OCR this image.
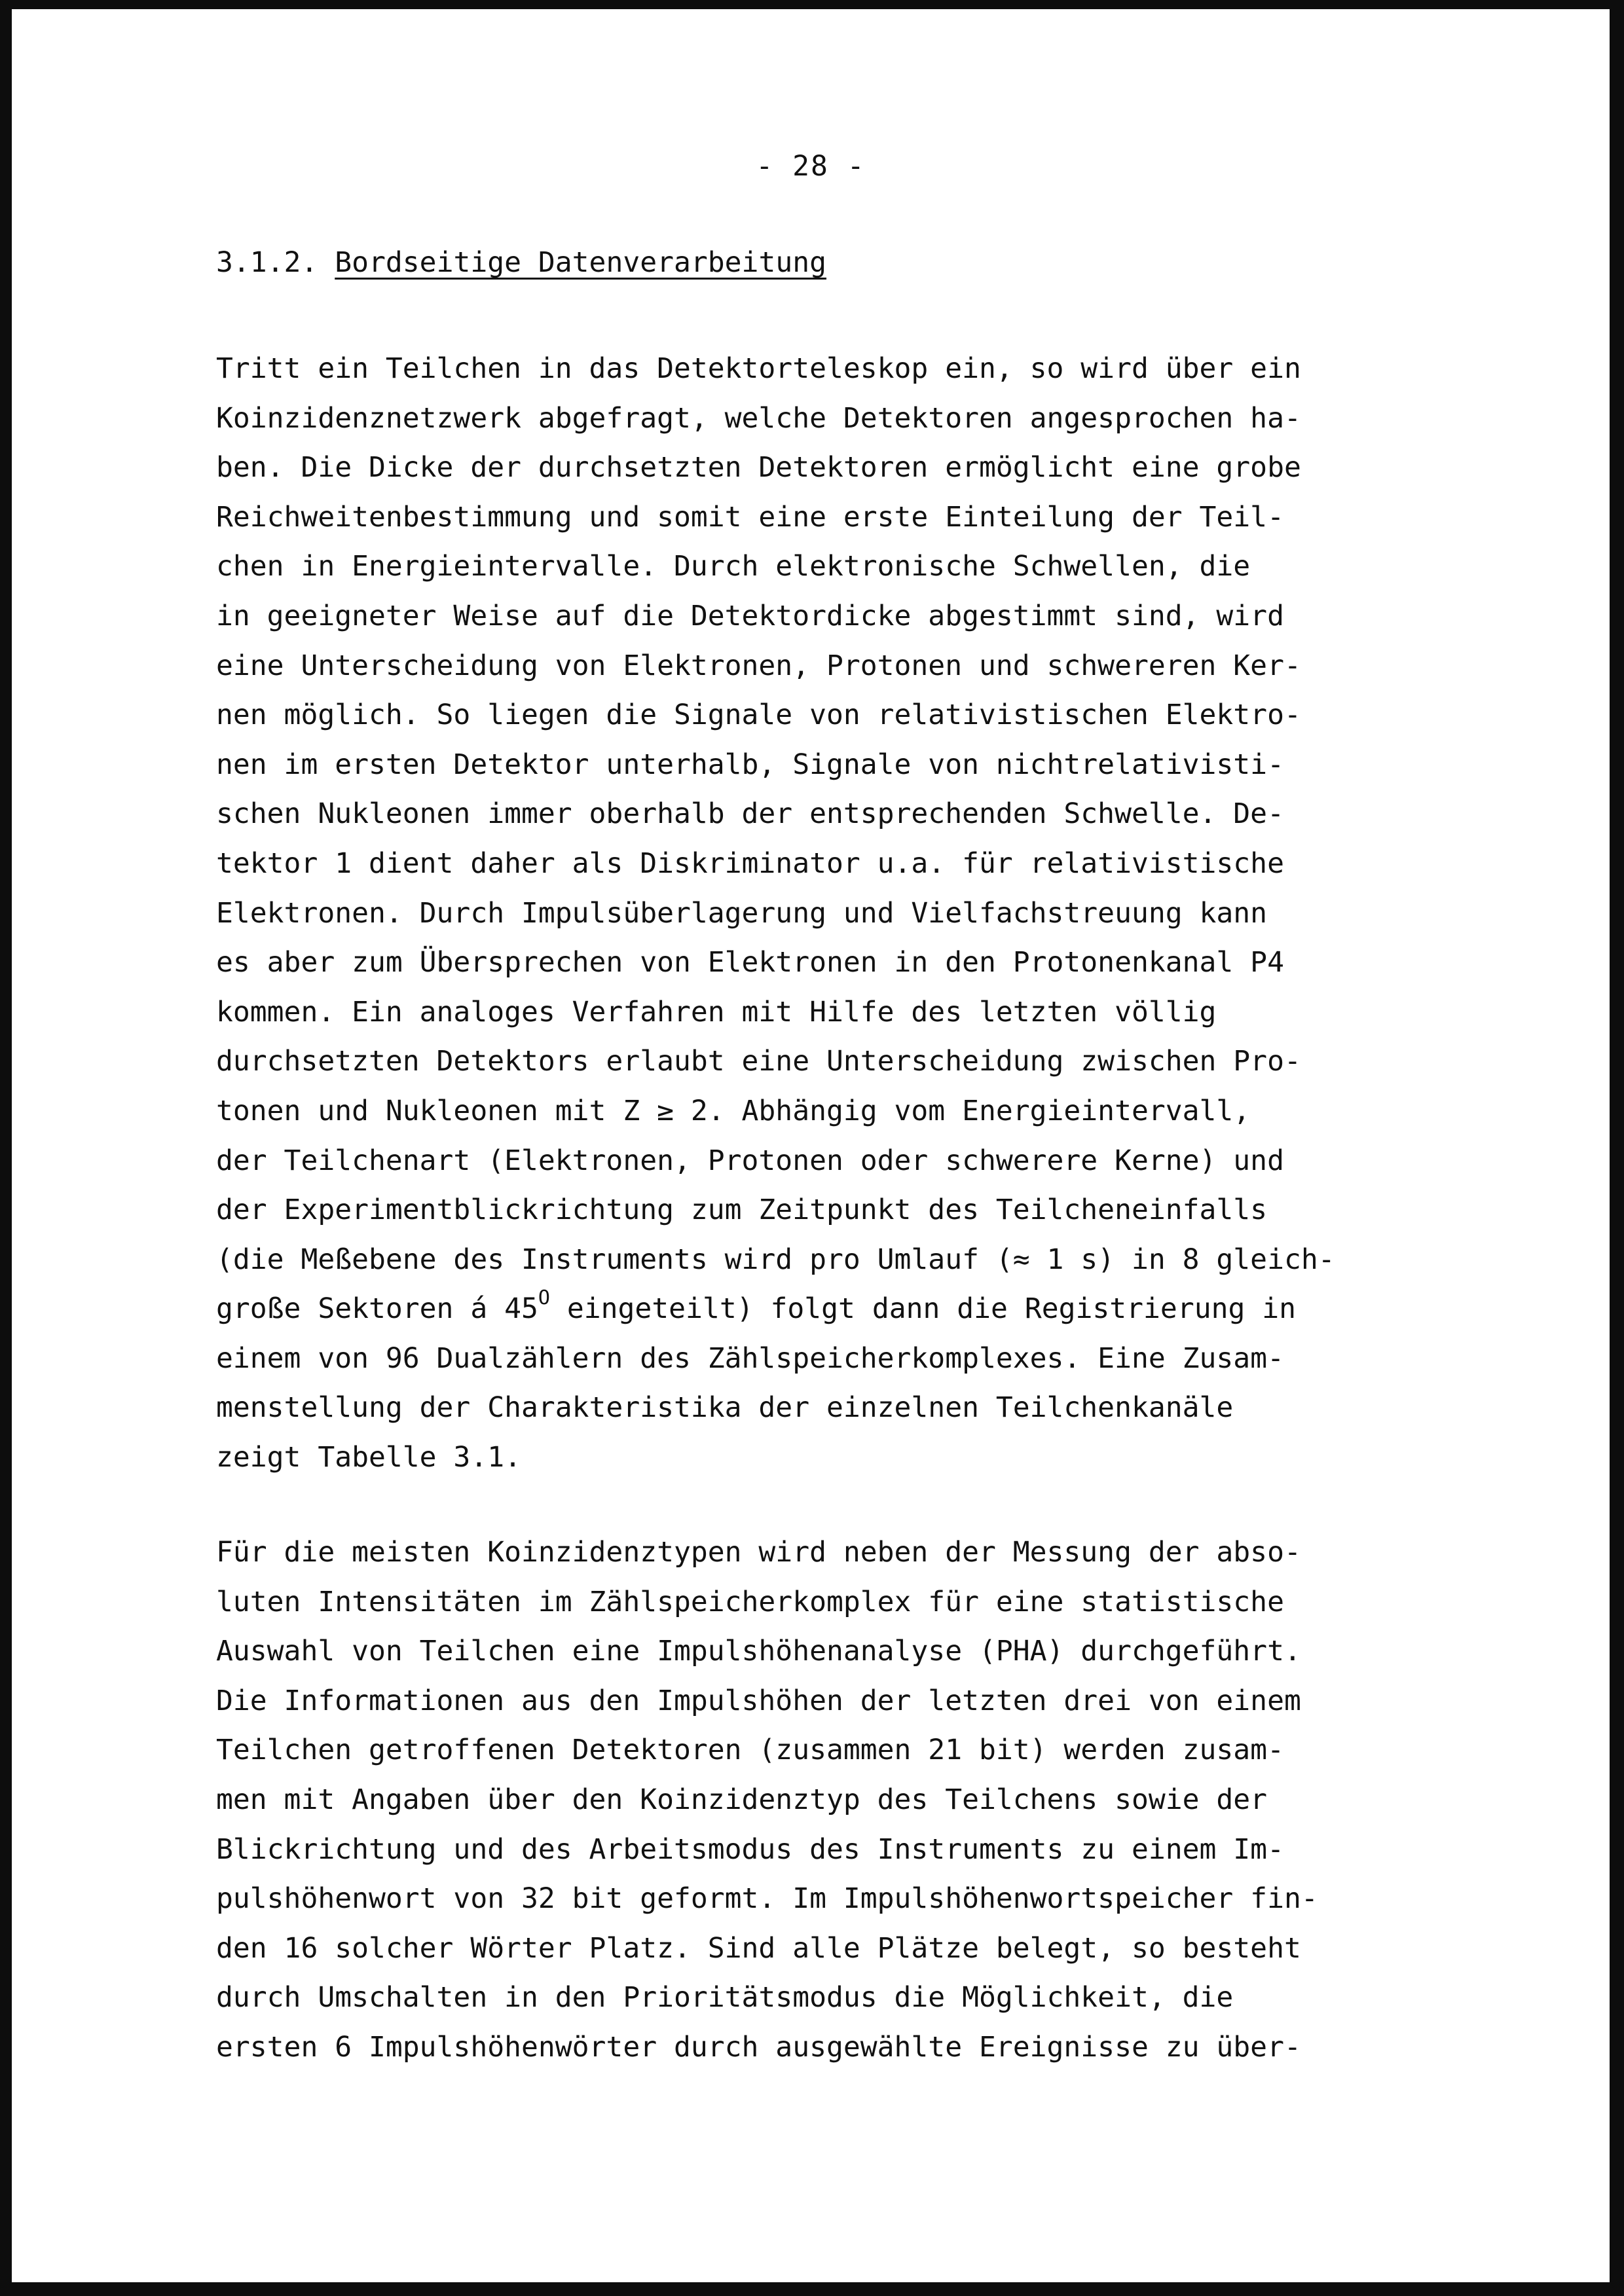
- 28 -
3.1.2. Bordseitige Datenverarbeitung
Tritt ein Teilchen in das Detektorteleskop ein, so wird über ein
Koinzidenznetzwerk abgefragt, welche Detektoren angesprochen ha-
ben. Die Dicke der durchsetzten Detektoren ermöglicht eine grobe
Reichweitenbestimmung und somit eine erste Einteilung der Teil-
chen in Energieintervalle. Durch elektronische Schwellen, die
in geeigneter Weise auf die Detektordicke abgestimmt sind, wird
eine Unterscheidung von Elektronen, Protonen und schwereren Ker-
nen möglich. So liegen die Signale von relativistischen Elektro-
nen im ersten Detektor unterhalb, Signale von nichtrelativisti-
schen Nukleonen immer oberhalb der entsprechenden Schwelle. De-
tektor 1 dient daher als Diskriminator u.a. für relativistische
Elektronen. Durch Impulsüberlagerung und Vielfachstreuung kann
es aber zum Übersprechen von Elektronen in den Protonenkanal P4
kommen. Ein analoges Verfahren mit Hilfe des letzten völlig
durchsetzten Detektors erlaubt eine Unterscheidung zwischen Pro-
tonen und Nukleonen mit Z ≥ 2. Abhängig vom Energieintervall,
der Teilchenart (Elektronen, Protonen oder schwerere Kerne) und
der Experimentblickrichtung zum Zeitpunkt des Teilcheneinfalls
(die Meßebene des Instruments wird pro Umlauf (≈ 1 s) in 8 gleich-
große Sektoren á $45^O$ eingeteilt) folgt dann die Registrierung in
einem von 96 Dualzählern des Zählspeicherkomplexes. Eine Zusam-
menstellung der Charakteristika der einzelnen Teilchenkanäle
zeigt Tabelle 3.1.
Für die meisten Koinzidenztypen wird neben der Messung der abso-
luten Intensitäten im Zählspeicherkomplex für eine statistische
Auswahl von Teilchen eine Impulshöhenanalyse (PHA) durchgeführt.
Die Informationen aus den Impulshöhen der letzten drei von einem
Teilchen getroffenen Detektoren (zusammen 21 bit) werden zusam-
men mit Angaben über den Koinzidenztyp des Teilchens sowie der
Blickrichtung und des Arbeitsmodus des Instruments zu einem Im-
pulshöhenwort von 32 bit geformt. Im Impulshöhenwortspeicher fin-
den 16 solcher Wörter Platz. Sind alle Plätze belegt, so besteht
durch Umschalten in den Prioritätsmodus die Möglichkeit, die
ersten 6 Impulshöhenwörter durch ausgewählte Ereignisse zu über-
